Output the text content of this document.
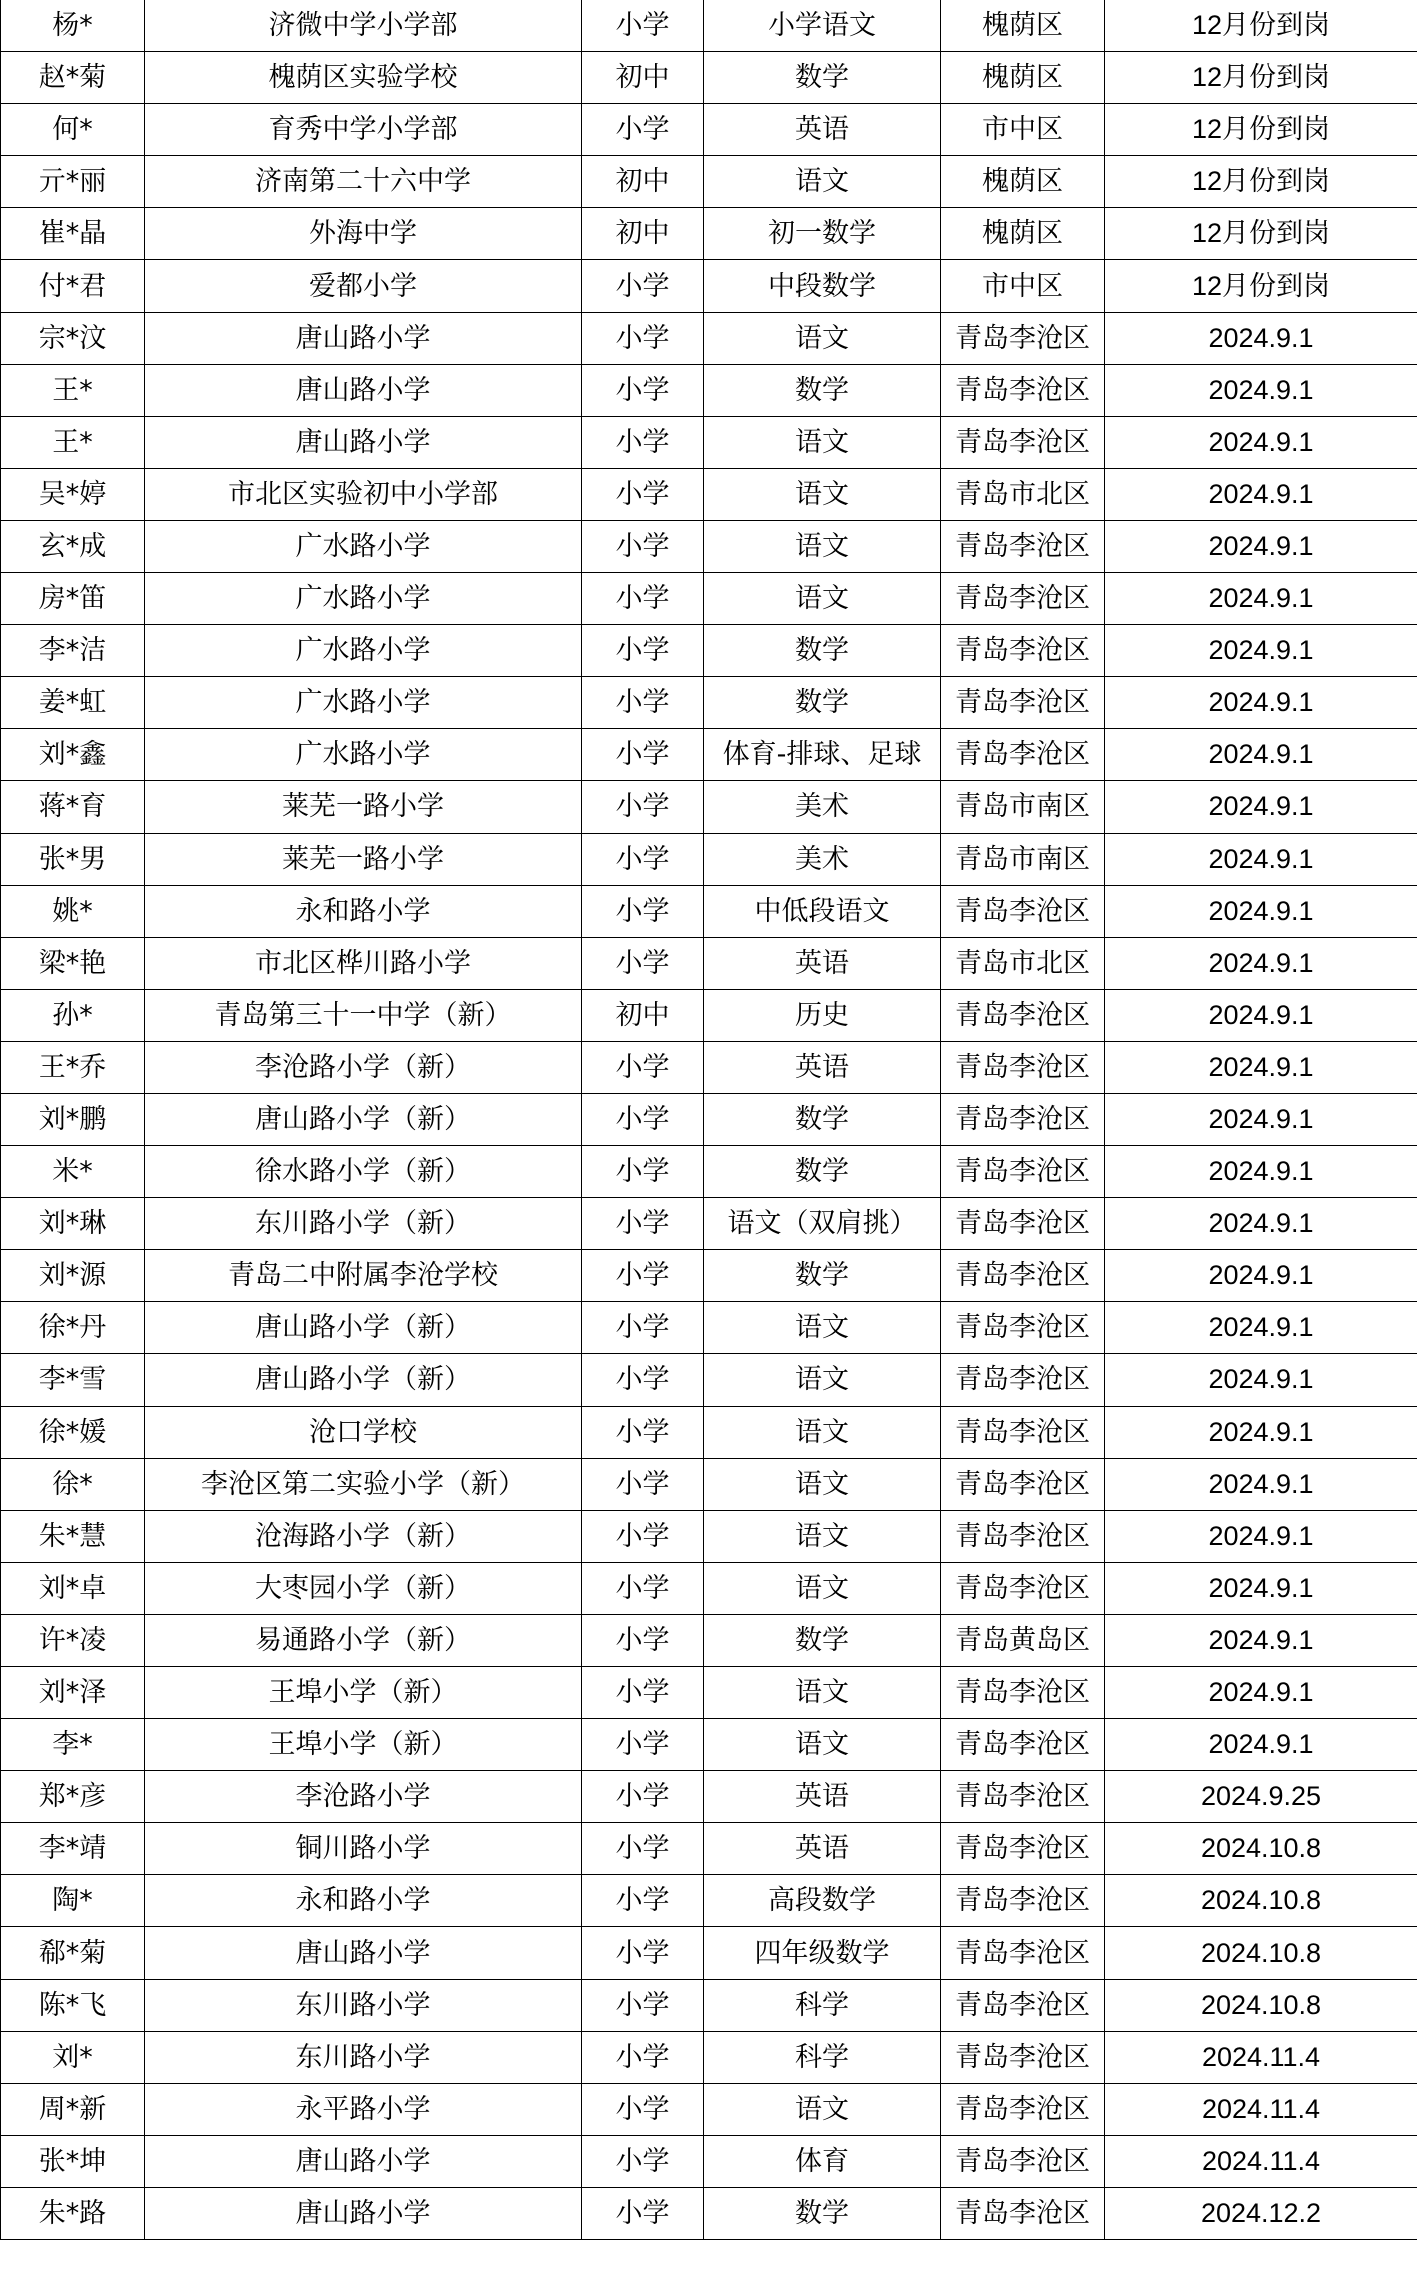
杨*	济微中学小学部	小学	小学语文	槐荫区	12月份到岗
赵*菊	槐荫区实验学校	初中	数学	槐荫区	12月份到岗
何*	育秀中学小学部	小学	英语	市中区	12月份到岗
亓*丽	济南第二十六中学	初中	语文	槐荫区	12月份到岗
崔*晶	外海中学	初中	初一数学	槐荫区	12月份到岗
付*君	爱都小学	小学	中段数学	市中区	12月份到岗
宗*汶	唐山路小学	小学	语文	青岛李沧区	2024.9.1
王*	唐山路小学	小学	数学	青岛李沧区	2024.9.1
王*	唐山路小学	小学	语文	青岛李沧区	2024.9.1
吴*婷	市北区实验初中小学部	小学	语文	青岛市北区	2024.9.1
玄*成	广水路小学	小学	语文	青岛李沧区	2024.9.1
房*笛	广水路小学	小学	语文	青岛李沧区	2024.9.1
李*洁	广水路小学	小学	数学	青岛李沧区	2024.9.1
姜*虹	广水路小学	小学	数学	青岛李沧区	2024.9.1
刘*鑫	广水路小学	小学	体育-排球、足球	青岛李沧区	2024.9.1
蒋*育	莱芜一路小学	小学	美术	青岛市南区	2024.9.1
张*男	莱芜一路小学	小学	美术	青岛市南区	2024.9.1
姚*	永和路小学	小学	中低段语文	青岛李沧区	2024.9.1
梁*艳	市北区桦川路小学	小学	英语	青岛市北区	2024.9.1
孙*	青岛第三十一中学（新）	初中	历史	青岛李沧区	2024.9.1
王*乔	李沧路小学（新）	小学	英语	青岛李沧区	2024.9.1
刘*鹏	唐山路小学（新）	小学	数学	青岛李沧区	2024.9.1
米*	徐水路小学（新）	小学	数学	青岛李沧区	2024.9.1
刘*琳	东川路小学（新）	小学	语文（双肩挑）	青岛李沧区	2024.9.1
刘*源	青岛二中附属李沧学校	小学	数学	青岛李沧区	2024.9.1
徐*丹	唐山路小学（新）	小学	语文	青岛李沧区	2024.9.1
李*雪	唐山路小学（新）	小学	语文	青岛李沧区	2024.9.1
徐*媛	沧口学校	小学	语文	青岛李沧区	2024.9.1
徐*	李沧区第二实验小学（新）	小学	语文	青岛李沧区	2024.9.1
朱*慧	沧海路小学（新）	小学	语文	青岛李沧区	2024.9.1
刘*卓	大枣园小学（新）	小学	语文	青岛李沧区	2024.9.1
许*凌	易通路小学（新）	小学	数学	青岛黄岛区	2024.9.1
刘*泽	王埠小学（新）	小学	语文	青岛李沧区	2024.9.1
李*	王埠小学（新）	小学	语文	青岛李沧区	2024.9.1
郑*彦	李沧路小学	小学	英语	青岛李沧区	2024.9.25
李*靖	铜川路小学	小学	英语	青岛李沧区	2024.10.8
陶*	永和路小学	小学	高段数学	青岛李沧区	2024.10.8
郗*菊	唐山路小学	小学	四年级数学	青岛李沧区	2024.10.8
陈*飞	东川路小学	小学	科学	青岛李沧区	2024.10.8
刘*	东川路小学	小学	科学	青岛李沧区	2024.11.4
周*新	永平路小学	小学	语文	青岛李沧区	2024.11.4
张*坤	唐山路小学	小学	体育	青岛李沧区	2024.11.4
朱*路	唐山路小学	小学	数学	青岛李沧区	2024.12.2
